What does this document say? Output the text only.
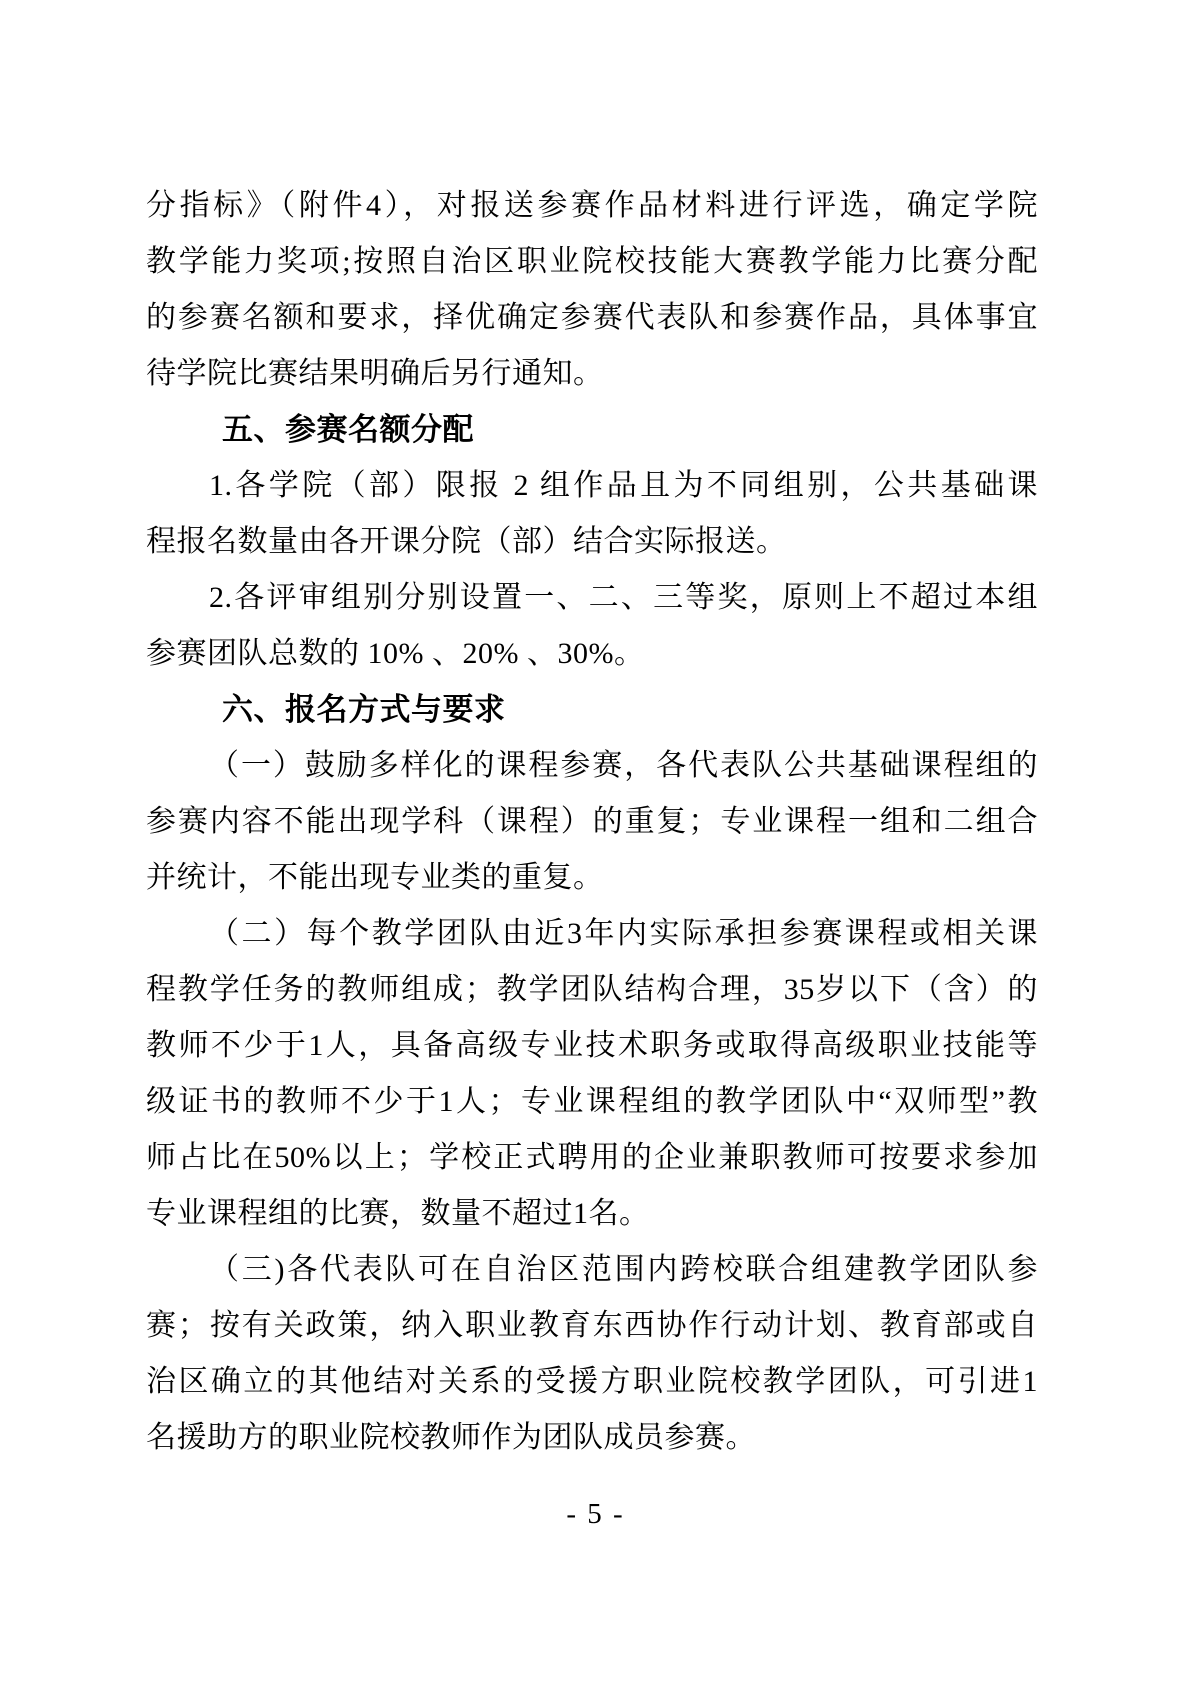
分指标》（附件4），对报送参赛作品材料进行评选，确定学院
教学能力奖项;按照自治区职业院校技能大赛教学能力比赛分配
的参赛名额和要求，择优确定参赛代表队和参赛作品，具体事宜
待学院比赛结果明确后另行通知。
五、参赛名额分配
1.各学院（部）限报 2 组作品且为不同组别，公共基础课
程报名数量由各开课分院（部）结合实际报送。
2.各评审组别分别设置一、二、三等奖，原则上不超过本组
参赛团队总数的 10% 、20% 、30%。
六、报名方式与要求
（一）鼓励多样化的课程参赛，各代表队公共基础课程组的
参赛内容不能出现学科（课程）的重复；专业课程一组和二组合
并统计，不能出现专业类的重复。
（二）每个教学团队由近3年内实际承担参赛课程或相关课
程教学任务的教师组成；教学团队结构合理，35岁以下（含）的
教师不少于1人，具备高级专业技术职务或取得高级职业技能等
级证书的教师不少于1人；专业课程组的教学团队中“双师型”教
师占比在50%以上；学校正式聘用的企业兼职教师可按要求参加
专业课程组的比赛，数量不超过1名。
（三)各代表队可在自治区范围内跨校联合组建教学团队参
赛；按有关政策，纳入职业教育东西协作行动计划、教育部或自
治区确立的其他结对关系的受援方职业院校教学团队，可引进1
名援助方的职业院校教师作为团队成员参赛。
- 5 -
